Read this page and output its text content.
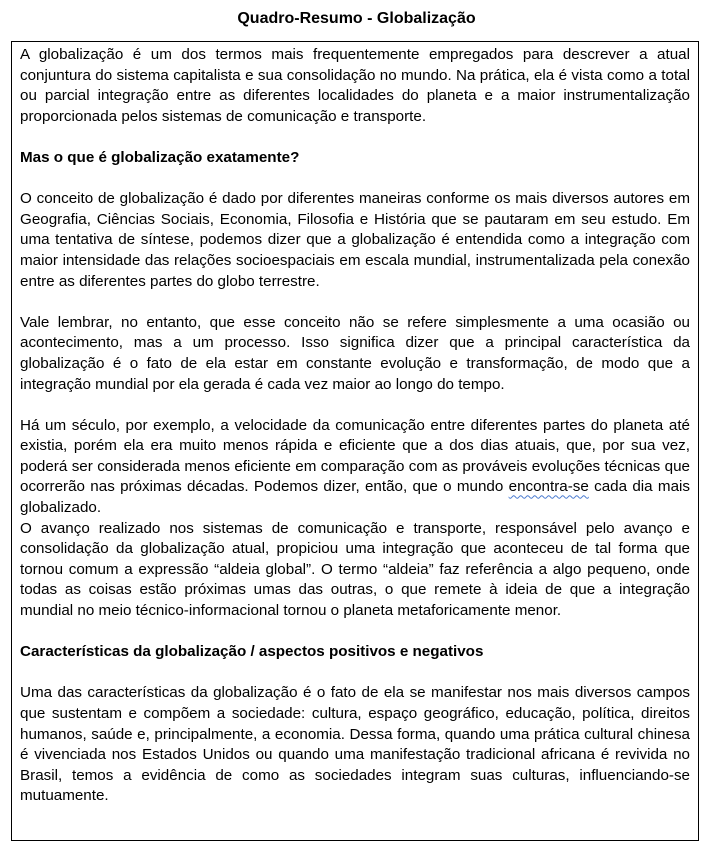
Quadro-Resumo - Globalização

A globalização é um dos termos mais frequentemente empregados para descrever a atual conjuntura do sistema capitalista e sua consolidação no mundo. Na prática, ela é vista como a total ou parcial integração entre as diferentes localidades do planeta e a maior instrumentalização proporcionada pelos sistemas de comunicação e transporte.

Mas o que é globalização exatamente?

O conceito de globalização é dado por diferentes maneiras conforme os mais diversos autores em Geografia, Ciências Sociais, Economia, Filosofia e História que se pautaram em seu estudo. Em uma tentativa de síntese, podemos dizer que a globalização é entendida como a integração com maior intensidade das relações socioespaciais em escala mundial, instrumentalizada pela conexão entre as diferentes partes do globo terrestre.

Vale lembrar, no entanto, que esse conceito não se refere simplesmente a uma ocasião ou acontecimento, mas a um processo. Isso significa dizer que a principal característica da globalização é o fato de ela estar em constante evolução e transformação, de modo que a integração mundial por ela gerada é cada vez maior ao longo do tempo.

Há um século, por exemplo, a velocidade da comunicação entre diferentes partes do planeta até existia, porém ela era muito menos rápida e eficiente que a dos dias atuais, que, por sua vez, poderá ser considerada menos eficiente em comparação com as prováveis evoluções técnicas que ocorrerão nas próximas décadas. Podemos dizer, então, que o mundo encontra-se cada dia mais globalizado.

O avanço realizado nos sistemas de comunicação e transporte, responsável pelo avanço e consolidação da globalização atual, propiciou uma integração que aconteceu de tal forma que tornou comum a expressão “aldeia global”. O termo “aldeia” faz referência a algo pequeno, onde todas as coisas estão próximas umas das outras, o que remete à ideia de que a integração mundial no meio técnico-informacional tornou o planeta metaforicamente menor.

Características da globalização / aspectos positivos e negativos

Uma das características da globalização é o fato de ela se manifestar nos mais diversos campos que sustentam e compõem a sociedade: cultura, espaço geográfico, educação, política, direitos humanos, saúde e, principalmente, a economia. Dessa forma, quando uma prática cultural chinesa é vivenciada nos Estados Unidos ou quando uma manifestação tradicional africana é revivida no Brasil, temos a evidência de como as sociedades integram suas culturas, influenciando-se mutuamente.
